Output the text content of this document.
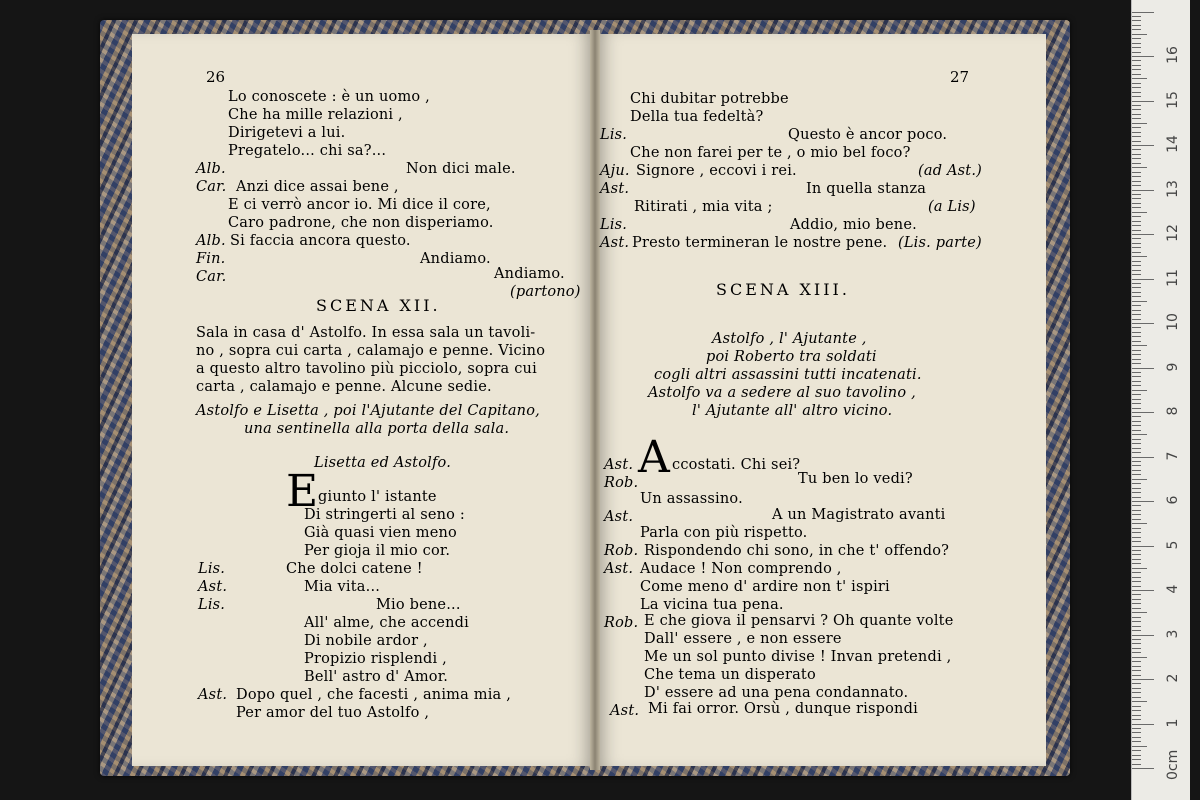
26
Lo conoscete : è un uomo ,
Che ha mille relazioni ,
Dirigetevi a lui.
Pregatelo... chi sa?...
Alb.	Non dici male.
Car. Anzi dice assai bene ,
E ci verrò ancor io. Mi dice il core,
Caro padrone, che non disperiamo.
Alb. Si faccia ancora questo.
Fin.	Andiamo.
Car.	Andiamo.
(partono)
SCENA XII.
Sala in casa d' Astolfo. In essa sala un tavoli-
no , sopra cui carta , calamajo e penne. Vicino
a questo altro tavolino più picciolo, sopra cui
carta , calamajo e penne. Alcune sedie.
Astolfo e Lisetta , poi l'Ajutante del Capitano,
una sentinella alla porta della sala.
Lisetta ed Astolfo.
E giunto l' istante
Di stringerti al seno :
Già quasi vien meno
Per gioja il mio cor.
Lis.	Che dolci catene !
Ast.	Mia vita...
Lis.	Mio bene...
All' alme, che accendi
Di nobile ardor ,
Propizio risplendi ,
Bell' astro d' Amor.
Ast. Dopo quel , che facesti , anima mia ,
Per amor del tuo Astolfo ,
27
Chi dubitar potrebbe
Della tua fedeltà?
Lis.	Questo è ancor poco.
Che non farei per te , o mio bel foco?
Aju. Signore , eccovi i rei.	(ad Ast.)
Ast.	In quella stanza
Ritirati , mia vita ;	(a Lis)
Lis.	Addio, mio bene.
Ast. Presto termineran le nostre pene. (Lis. parte)
SCENA XIII.
Astolfo , l' Ajutante ,
poi Roberto tra soldati
cogli altri assassini tutti incatenati.
Astolfo va a sedere al suo tavolino ,
l' Ajutante all' altro vicino.
Ast. A ccostati. Chi sei?
Rob.	Tu ben lo vedi?
Un assassino.
Ast.	A un Magistrato avanti
Parla con più rispetto.
Rob. Rispondendo chi sono, in che t' offendo?
Ast. Audace ! Non comprendo ,
Come meno d' ardire non t' ispiri
La vicina tua pena.
Rob. E che giova il pensarvi ? Oh quante volte
Dall' essere , e non essere
Me un sol punto divise ! Invan pretendi ,
Che tema un disperato
D' essere ad una pena condannato.
Ast. Mi fai orror. Orsù , dunque rispondi
0cm
1
2
3
4
5
6
7
8
9
10
11
12
13
14
15
16
